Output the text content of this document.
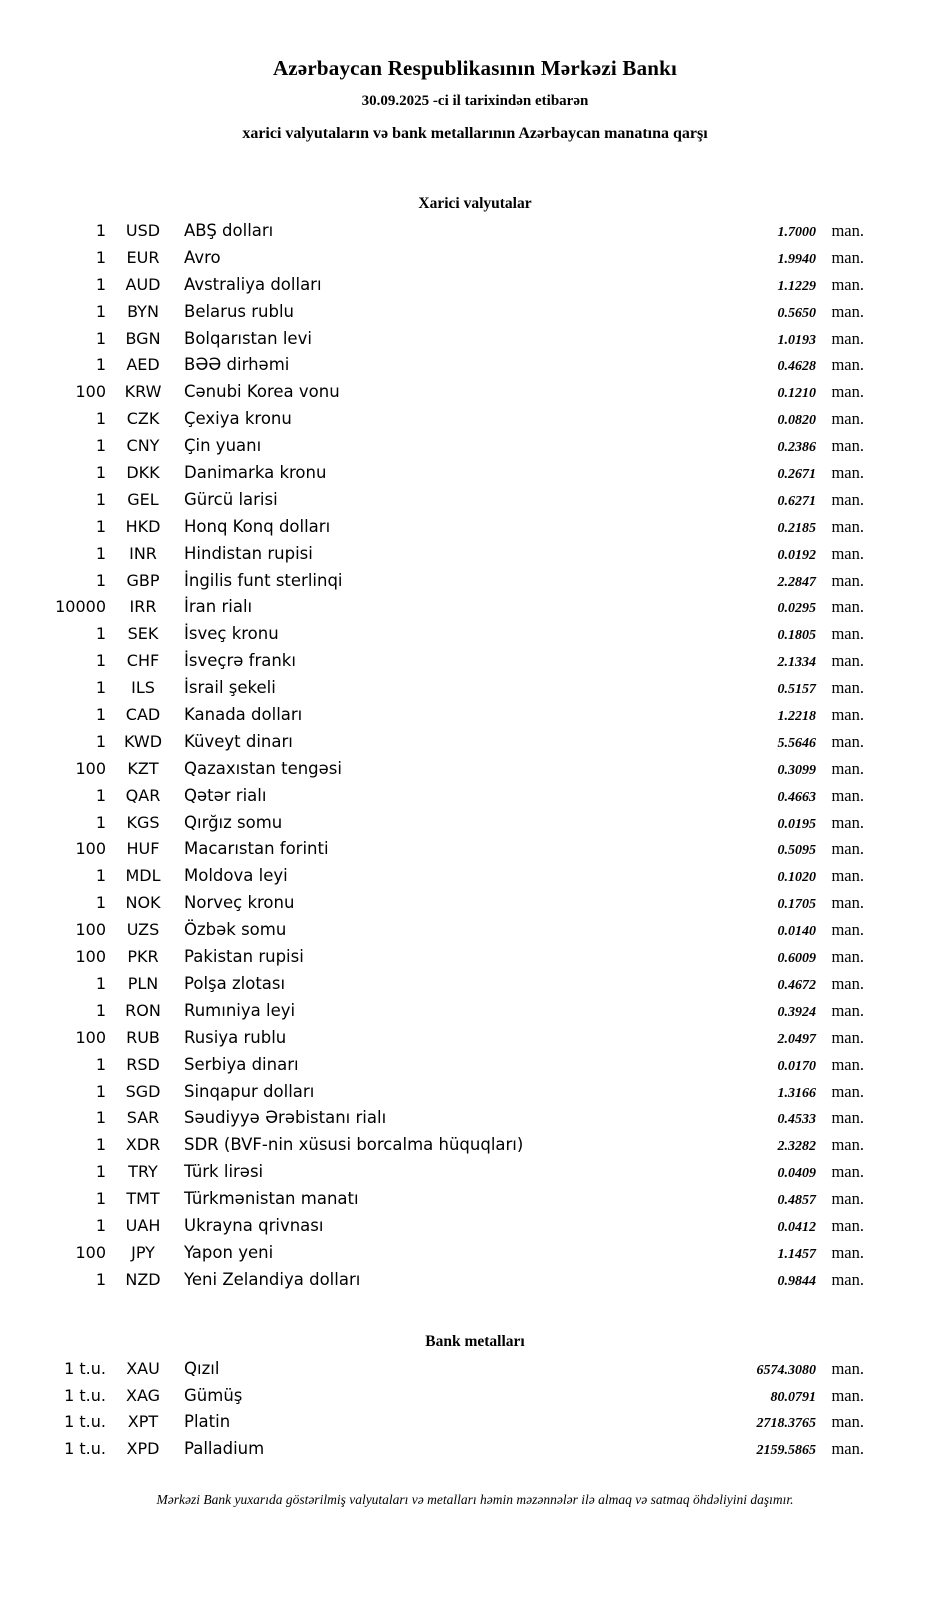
Azərbaycan Respublikasının Mərkəzi Bankı
30.09.2025 -ci il tarixindən etibarən
xarici valyutaların və bank metallarının Azərbaycan manatına qarşı
Xarici valyutalar
1	USD	ABŞ dolları	1.7000 man.
1	EUR	Avro	1.9940 man.
1	AUD	Avstraliya dolları	1.1229 man.
1	BYN	Belarus rublu	0.5650 man.
1	BGN	Bolqarıstan levi	1.0193 man.
1	AED	BƏƏ dirhəmi	0.4628 man.
100	KRW	Cənubi Korea vonu	0.1210 man.
1	CZK	Çexiya kronu	0.0820 man.
1	CNY	Çin yuanı	0.2386 man.
1	DKK	Danimarka kronu	0.2671 man.
1	GEL	Gürcü larisi	0.6271 man.
1	HKD	Honq Konq dolları	0.2185 man.
1	INR	Hindistan rupisi	0.0192 man.
1	GBP	İngilis funt sterlinqi	2.2847 man.
10000	IRR	İran rialı	0.0295 man.
1	SEK	İsveç kronu	0.1805 man.
1	CHF	İsveçrə frankı	2.1334 man.
1	ILS	İsrail şekeli	0.5157 man.
1	CAD	Kanada dolları	1.2218 man.
1	KWD	Küveyt dinarı	5.5646 man.
100	KZT	Qazaxıstan tengəsi	0.3099 man.
1	QAR	Qətər rialı	0.4663 man.
1	KGS	Qırğız somu	0.0195 man.
100	HUF	Macarıstan forinti	0.5095 man.
1	MDL	Moldova leyi	0.1020 man.
1	NOK	Norveç kronu	0.1705 man.
100	UZS	Özbək somu	0.0140 man.
100	PKR	Pakistan rupisi	0.6009 man.
1	PLN	Polşa zlotası	0.4672 man.
1	RON	Rumıniya leyi	0.3924 man.
100	RUB	Rusiya rublu	2.0497 man.
1	RSD	Serbiya dinarı	0.0170 man.
1	SGD	Sinqapur dolları	1.3166 man.
1	SAR	Səudiyyə Ərəbistanı rialı	0.4533 man.
1	XDR	SDR (BVF-nin xüsusi borcalma hüquqları)	2.3282 man.
1	TRY	Türk lirəsi	0.0409 man.
1	TMT	Türkmənistan manatı	0.4857 man.
1	UAH	Ukrayna qrivnası	0.0412 man.
100	JPY	Yapon yeni	1.1457 man.
1	NZD	Yeni Zelandiya dolları	0.9844 man.
Bank metalları
1 t.u.	XAU	Qızıl	6574.3080 man.
1 t.u.	XAG	Gümüş	80.0791 man.
1 t.u.	XPT	Platin	2718.3765 man.
1 t.u.	XPD	Palladium	2159.5865 man.
Mərkəzi Bank yuxarıda göstərilmiş valyutaları və metalları həmin məzənnələr ilə almaq və satmaq öhdəliyini daşımır.
